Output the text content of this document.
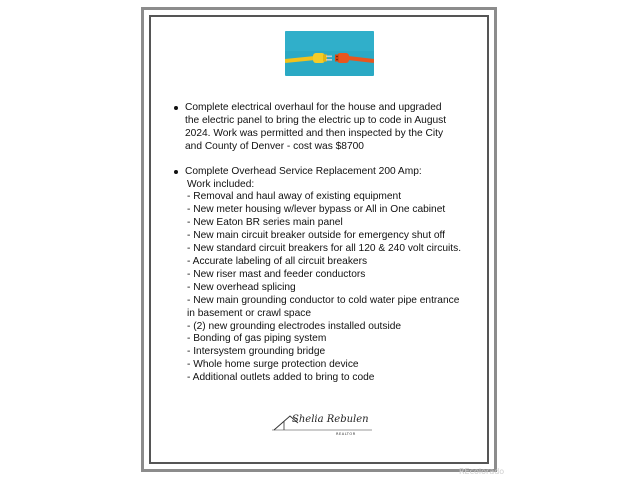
Complete electrical overhaul for the house and upgraded
the electric panel to bring the electric up to code in August
2024. Work was permitted and then inspected by the City
and County of Denver - cost was $8700
Complete Overhead Service Replacement 200 Amp:
Work included:
- Removal and haul away of existing equipment
- New meter housing w/lever bypass or All in One cabinet
- New Eaton BR series main panel
- New main circuit breaker outside for emergency shut off
- New standard circuit breakers for all 120 & 240 volt circuits.
- Accurate labeling of all circuit breakers
- New riser mast and feeder conductors
- New overhead splicing
- New main grounding conductor to cold water pipe entrance in basement or crawl space
- (2) new grounding electrodes installed outside
- Bonding of gas piping system
- Intersystem grounding bridge
- Whole home surge protection device
- Additional outlets added to bring to code
Shelia Rebulen
REALTOR
REcolorado
